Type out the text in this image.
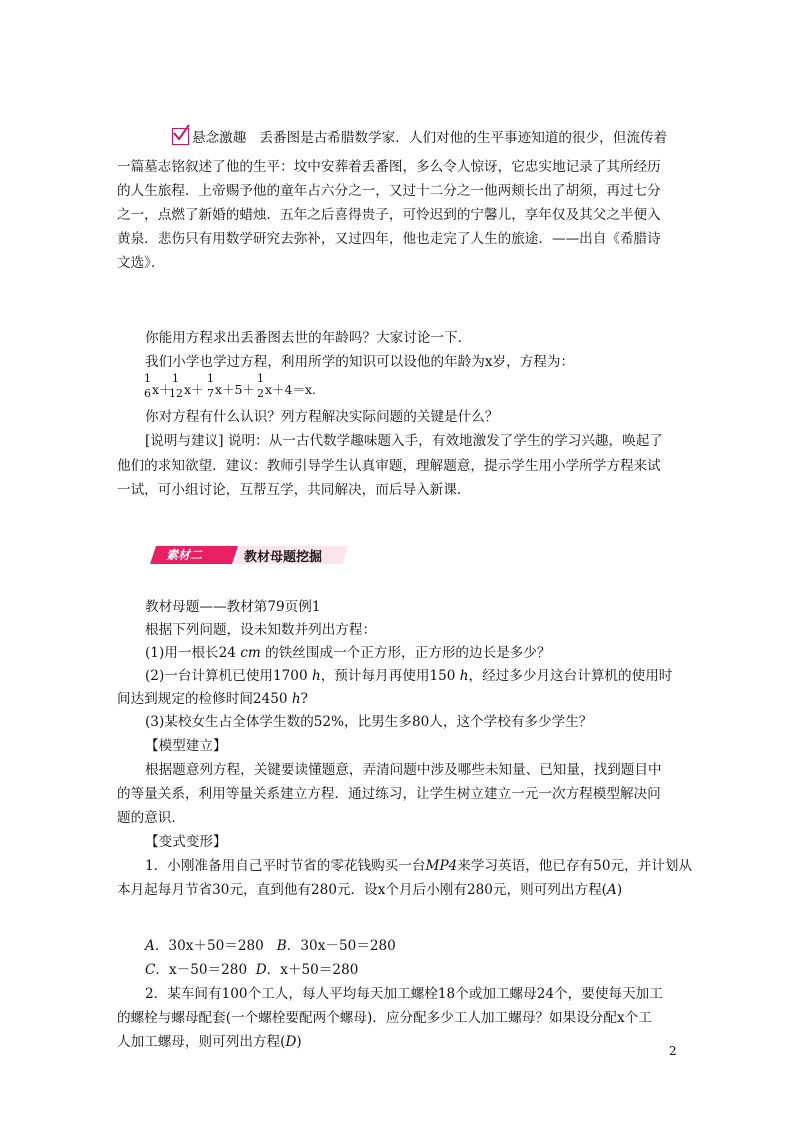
悬念激趣 丢番图是古希腊数学家．人们对他的生平事迹知道的很少，但流传着
一篇墓志铭叙述了他的生平：坟中安葬着丢番图，多么令人惊讶，它忠实地记录了其所经历
的人生旅程．上帝赐予他的童年占六分之一，又过十二分之一他两颊长出了胡须，再过七分
之一，点燃了新婚的蜡烛．五年之后喜得贵子，可怜迟到的宁馨儿，享年仅及其父之半便入
黄泉．悲伤只有用数学研究去弥补，又过四年，他也走完了人生的旅途．——出自《希腊诗
文选》．
你能用方程求出丢番图去世的年龄吗？大家讨论一下．
我们小学也学过方程，利用所学的知识可以设他的年龄为x岁，方程为：
1
6 x＋
1
12 x＋
1
7 x＋5＋
1
2 x＋4＝x.
你对方程有什么认识？列方程解决实际问题的关键是什么？
[说明与建议] 说明：从一古代数学趣味题入手，有效地激发了学生的学习兴趣，唤起了
他们的求知欲望．建议：教师引导学生认真审题，理解题意，提示学生用小学所学方程来试
一试，可小组讨论，互帮互学，共同解决，而后导入新课．
素材二	教材母题挖掘
教材母题——教材第79页例1
根据下列问题，设未知数并列出方程：
(1)用一根长24 cm 的铁丝围成一个正方形，正方形的边长是多少？
(2)一台计算机已使用1700 h，预计每月再使用150 h，经过多少月这台计算机的使用时
间达到规定的检修时间2450 h?
(3)某校女生占全体学生数的52%，比男生多80人，这个学校有多少学生？
【模型建立】
根据题意列方程，关键要读懂题意，弄清问题中涉及哪些未知量、已知量，找到题目中
的等量关系，利用等量关系建立方程．通过练习，让学生树立建立一元一次方程模型解决问
题的意识．
【变式变形】
1．小刚准备用自己平时节省的零花钱购买一台MP4来学习英语，他已存有50元，并计划从
本月起每月节省30元，直到他有280元．设x个月后小刚有280元，则可列出方程(A)
A．30x＋50＝280 B．30x－50＝280
C．x－50＝280 D．x＋50＝280
2．某车间有100个工人，每人平均每天加工螺栓18个或加工螺母24个，要使每天加工
的螺栓与螺母配套(一个螺栓要配两个螺母)．应分配多少工人加工螺母？如果设分配x个工
人加工螺母，则可列出方程(D)
2
